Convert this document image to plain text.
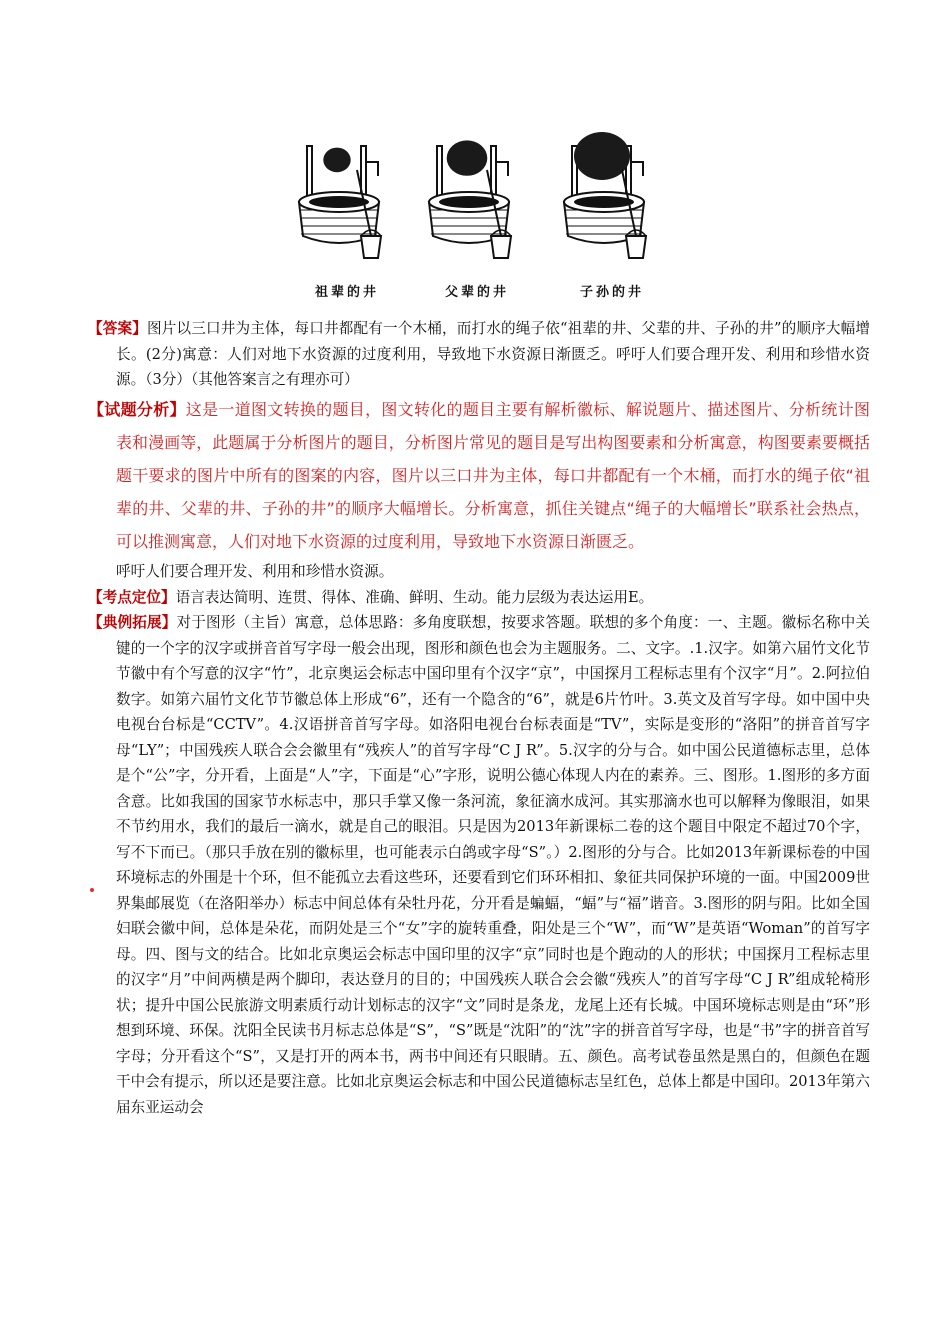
祖辈的井	父辈的井	子孙的井

【答案】图片以三口井为主体，每口井都配有一个木桶，而打水的绳子依“祖辈的井、父辈的井、子孙的井”的顺序大幅增长。(2分)寓意：人们对地下水资源的过度利用，导致地下水资源日渐匮乏。呼吁人们要合理开发、利用和珍惜水资源。（3分）（其他答案言之有理亦可）

【试题分析】这是一道图文转换的题目，图文转化的题目主要有解析徽标、解说题片、描述图片、分析统计图表和漫画等，此题属于分析图片的题目，分析图片常见的题目是写出构图要素和分析寓意，构图要素要概括题干要求的图片中所有的图案的内容，图片以三口井为主体，每口井都配有一个木桶，而打水的绳子依“祖辈的井、父辈的井、子孙的井”的顺序大幅增长。分析寓意，抓住关键点“绳子的大幅增长”联系社会热点，可以推测寓意，人们对地下水资源的过度利用，导致地下水资源日渐匮乏。

呼吁人们要合理开发、利用和珍惜水资源。

【考点定位】语言表达简明、连贯、得体、准确、鲜明、生动。能力层级为表达运用E。

【典例拓展】对于图形（主旨）寓意，总体思路：多角度联想，按要求答题。联想的多个角度：一、主题。徽标名称中关键的一个字的汉字或拼音首写字母一般会出现，图形和颜色也会为主题服务。二、文字。.1.汉字。如第六届竹文化节节徽中有个写意的汉字“竹”，北京奥运会标志中国印里有个汉字“京”，中国探月工程标志里有个汉字“月”。2.阿拉伯数字。如第六届竹文化节节徽总体上形成“6”，还有一个隐含的“6”，就是6片竹叶。3.英文及首写字母。如中国中央电视台台标是“CCTV”。4.汉语拼音首写字母。如洛阳电视台台标表面是“TV”，实际是变形的“洛阳”的拼音首写字母“LY”；中国残疾人联合会会徽里有“残疾人”的首写字母“C J R”。5.汉字的分与合。如中国公民道德标志里，总体是个“公”字，分开看，上面是“人”字，下面是“心”字形，说明公德心体现人内在的素养。三、图形。1.图形的多方面含意。比如我国的国家节水标志中，那只手掌又像一条河流，象征滴水成河。其实那滴水也可以解释为像眼泪，如果不节约用水，我们的最后一滴水，就是自己的眼泪。只是因为2013年新课标二卷的这个题目中限定不超过70个字，写不下而已。（那只手放在别的徽标里，也可能表示白鸽或字母“S”。）2.图形的分与合。比如2013年新课标卷的中国环境标志的外围是十个环，但不能孤立去看这些环，还要看到它们环环相扣、象征共同保护环境的一面。中国2009世界集邮展览（在洛阳举办）标志中间总体有朵牡丹花，分开看是蝙蝠，“蝠”与“福”谐音。3.图形的阴与阳。比如全国妇联会徽中间，总体是朵花，而阴处是三个“女”字的旋转重叠，阳处是三个“W”，而“W”是英语“Woman”的首写字母。四、图与文的结合。比如北京奥运会标志中国印里的汉字“京”同时也是个跑动的人的形状；中国探月工程标志里的汉字“月”中间两横是两个脚印，表达登月的目的；中国残疾人联合会会徽“残疾人”的首写字母“C J R”组成轮椅形状；提升中国公民旅游文明素质行动计划标志的汉字“文”同时是条龙，龙尾上还有长城。中国环境标志则是由“环”形想到环境、环保。沈阳全民读书月标志总体是“S”，“S”既是“沈阳”的“沈”字的拼音首写字母，也是“书”字的拼音首写字母；分开看这个“S”，又是打开的两本书，两书中间还有只眼睛。五、颜色。高考试卷虽然是黑白的，但颜色在题干中会有提示，所以还是要注意。比如北京奥运会标志和中国公民道德标志呈红色，总体上都是中国印。2013年第六届东亚运动会
